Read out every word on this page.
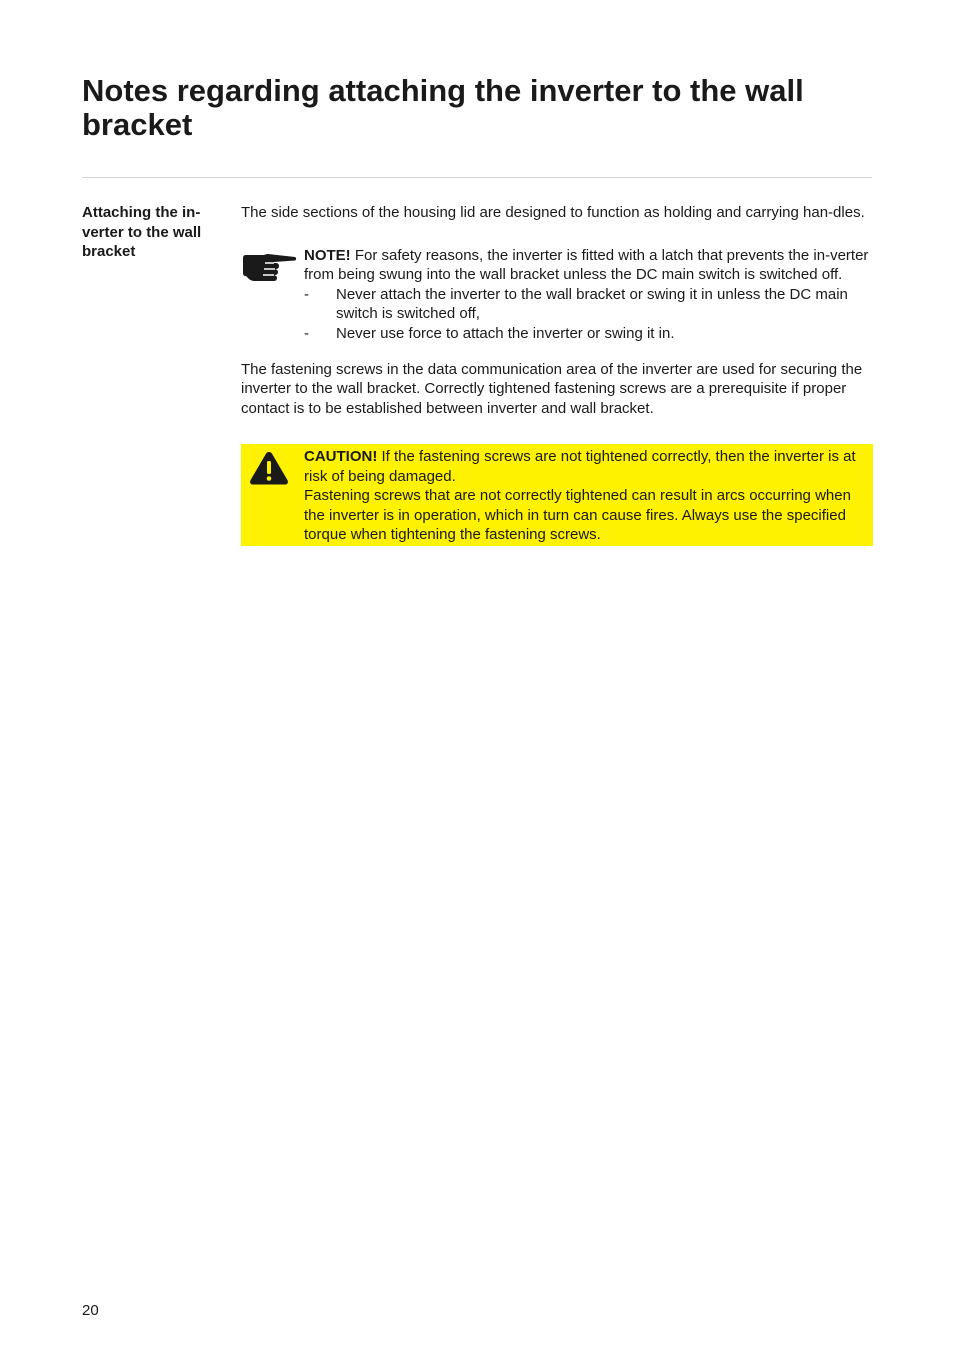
Notes regarding attaching the inverter to the wall bracket
Attaching the in-
verter to the wall
bracket

The side sections of the housing lid are designed to function as holding and carrying han-dles.

NOTE! For safety reasons, the inverter is fitted with a latch that prevents the in-verter from being swung into the wall bracket unless the DC main switch is switched off.

- Never attach the inverter to the wall bracket or swing it in unless the DC main switch is switched off,
- Never use force to attach the inverter or swing it in.

The fastening screws in the data communication area of the inverter are used for securing the inverter to the wall bracket. Correctly tightened fastening screws are a prerequisite if proper contact is to be established between inverter and wall bracket.

CAUTION! If the fastening screws are not tightened correctly, then the inverter is at risk of being damaged.
Fastening screws that are not correctly tightened can result in arcs occurring when the inverter is in operation, which in turn can cause fires. Always use the specified torque when tightening the fastening screws.

20
